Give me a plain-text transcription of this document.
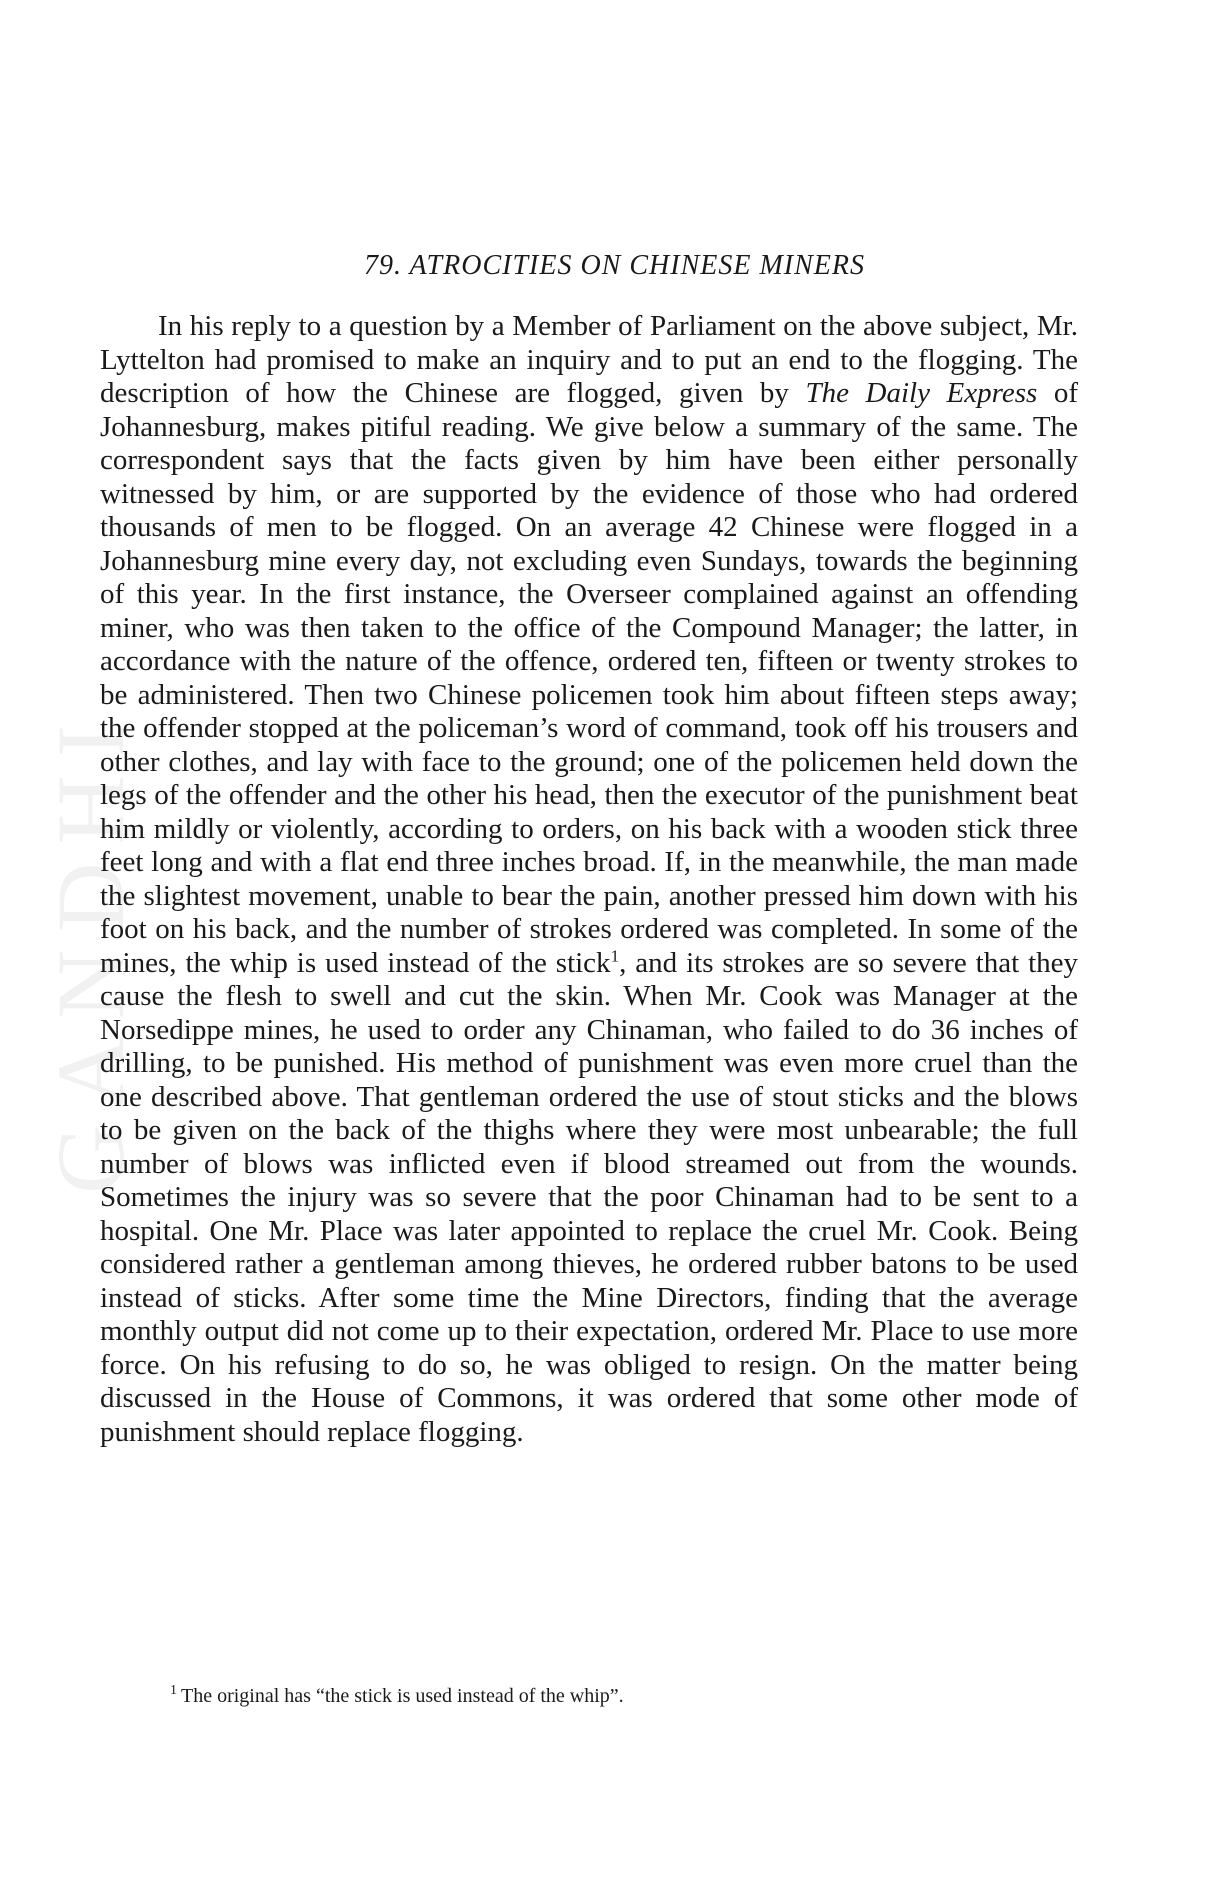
GANDHI
79. ATROCITIES ON CHINESE MINERS

In his reply to a question by a Member of Parliament on the above subject, Mr. Lyttelton had promised to make an inquiry and to put an end to the flogging. The description of how the Chinese are flogged, given by The Daily Express of Johannesburg, makes pitiful reading. We give below a summary of the same. The correspondent says that the facts given by him have been either personally witnessed by him, or are supported by the evidence of those who had ordered thousands of men to be flogged. On an average 42 Chinese were flogged in a Johannesburg mine every day, not excluding even Sundays, towards the beginning of this year. In the first instance, the Overseer complained against an offending miner, who was then taken to the office of the Compound Manager; the latter, in accordance with the nature of the offence, ordered ten, fifteen or twenty strokes to be administered. Then two Chinese policemen took him about fifteen steps away; the offender stopped at the policeman’s word of command, took off his trousers and other clothes, and lay with face to the ground; one of the policemen held down the legs of the offender and the other his head, then the executor of the punishment beat him mildly or violently, according to orders, on his back with a wooden stick three feet long and with a flat end three inches broad. If, in the meanwhile, the man made the slightest movement, unable to bear the pain, another pressed him down with his foot on his back, and the number of strokes ordered was completed. In some of the mines, the whip is used instead of the stick$^1$, and its strokes are so severe that they cause the flesh to swell and cut the skin. When Mr. Cook was Manager at the Norsedippe mines, he used to order any Chinaman, who failed to do 36 inches of drilling, to be punished. His method of punishment was even more cruel than the one described above. That gentleman ordered the use of stout sticks and the blows to be given on the back of the thighs where they were most unbearable; the full number of blows was inflicted even if blood streamed out from the wounds. Sometimes the injury was so severe that the poor Chinaman had to be sent to a hospital. One Mr. Place was later appointed to replace the cruel Mr. Cook. Being considered rather a gentleman among thieves, he ordered rubber batons to be used instead of sticks. After some time the Mine Directors, finding that the average monthly output did not come up to their expectation, ordered Mr. Place to use more force. On his refusing to do so, he was obliged to resign. On the matter being discussed in the House of Commons, it was ordered that some other mode of punishment should replace flogging.

$^1$ The original has “the stick is used instead of the whip”.
